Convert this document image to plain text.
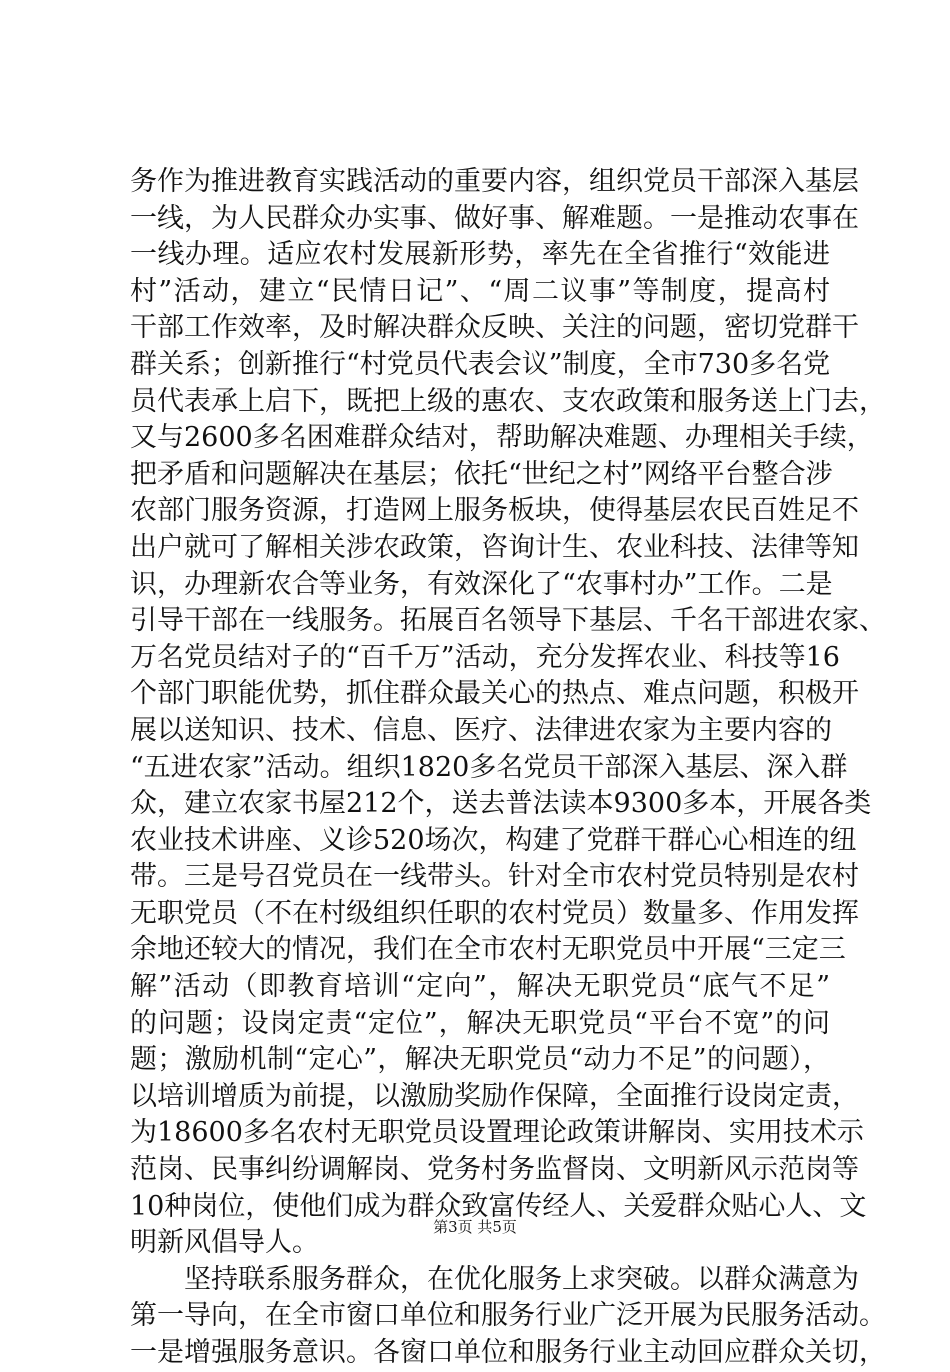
务作为推进教育实践活动的重要内容，组织党员干部深入基层
一线，为人民群众办实事、做好事、解难题。一是推动农事在
一线办理。适应农村发展新形势，率先在全省推行“效能进
村”活动，建立“民情日记”、“周二议事”等制度，提高村
干部工作效率，及时解决群众反映、关注的问题，密切党群干
群关系；创新推行“村党员代表会议”制度，全市730多名党
员代表承上启下，既把上级的惠农、支农政策和服务送上门去，
又与2600多名困难群众结对，帮助解决难题、办理相关手续，
把矛盾和问题解决在基层；依托“世纪之村”网络平台整合涉
农部门服务资源，打造网上服务板块，使得基层农民百姓足不
出户就可了解相关涉农政策，咨询计生、农业科技、法律等知
识，办理新农合等业务，有效深化了“农事村办”工作。二是
引导干部在一线服务。拓展百名领导下基层、千名干部进农家、
万名党员结对子的“百千万”活动，充分发挥农业、科技等16
个部门职能优势，抓住群众最关心的热点、难点问题，积极开
展以送知识、技术、信息、医疗、法律进农家为主要内容的
“五进农家”活动。组织1820多名党员干部深入基层、深入群
众，建立农家书屋212个，送去普法读本9300多本，开展各类
农业技术讲座、义诊520场次，构建了党群干群心心相连的纽
带。三是号召党员在一线带头。针对全市农村党员特别是农村
无职党员（不在村级组织任职的农村党员）数量多、作用发挥
余地还较大的情况，我们在全市农村无职党员中开展“三定三
解”活动（即教育培训“定向”，解决无职党员“底气不足”
的问题；设岗定责“定位”，解决无职党员“平台不宽”的问
题；激励机制“定心”，解决无职党员“动力不足”的问题），
以培训增质为前提，以激励奖励作保障，全面推行设岗定责，
为18600多名农村无职党员设置理论政策讲解岗、实用技术示
范岗、民事纠纷调解岗、党务村务监督岗、文明新风示范岗等
10种岗位，使他们成为群众致富传经人、关爱群众贴心人、文
明新风倡导人。
　　坚持联系服务群众，在优化服务上求突破。以群众满意为
第一导向，在全市窗口单位和服务行业广泛开展为民服务活动。
一是增强服务意识。各窗口单位和服务行业主动回应群众关切，
第3页 共5页
